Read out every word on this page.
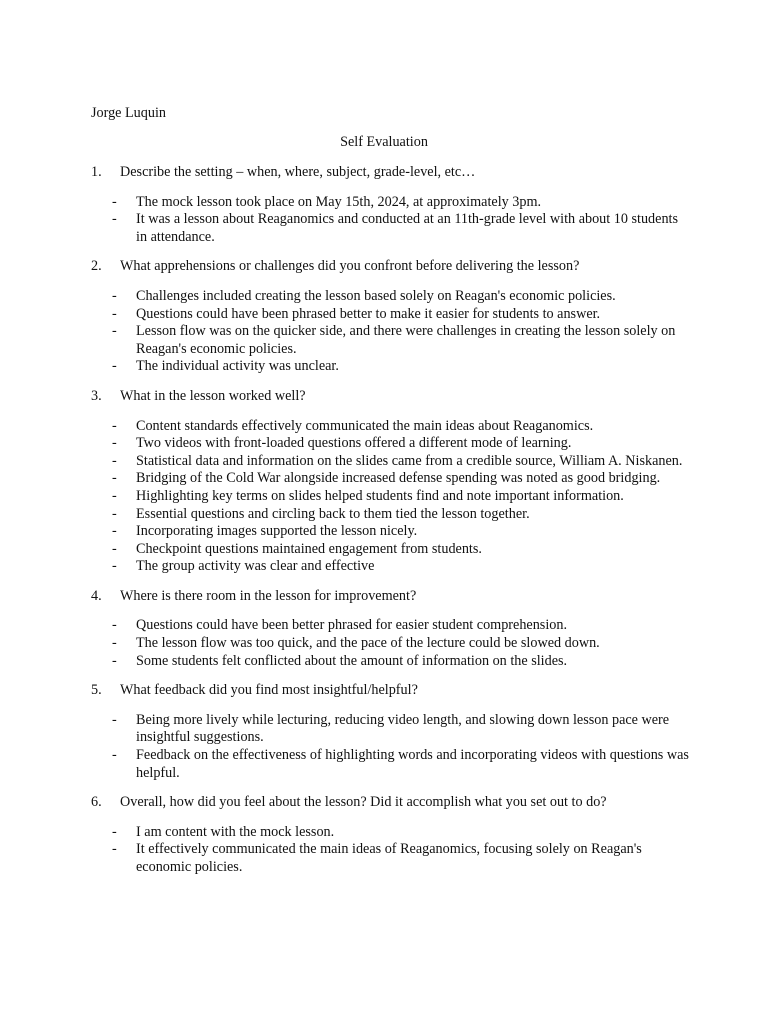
Jorge Luquin
Self Evaluation
1.	Describe the setting – when, where, subject, grade-level, etc…
-	The mock lesson took place on May 15th, 2024, at approximately 3pm.
-	It was a lesson about Reaganomics and conducted at an 11th-grade level with about 10 students in attendance.
2.	What apprehensions or challenges did you confront before delivering the lesson?
-	Challenges included creating the lesson based solely on Reagan's economic policies.
-	Questions could have been phrased better to make it easier for students to answer.
-	Lesson flow was on the quicker side, and there were challenges in creating the lesson solely on Reagan's economic policies.
-	The individual activity was unclear.
3.	What in the lesson worked well?
-	Content standards effectively communicated the main ideas about Reaganomics.
-	Two videos with front-loaded questions offered a different mode of learning.
-	Statistical data and information on the slides came from a credible source, William A. Niskanen.
-	Bridging of the Cold War alongside increased defense spending was noted as good bridging.
-	Highlighting key terms on slides helped students find and note important information.
-	Essential questions and circling back to them tied the lesson together.
-	Incorporating images supported the lesson nicely.
-	Checkpoint questions maintained engagement from students.
-	The group activity was clear and effective
4.	Where is there room in the lesson for improvement?
-	Questions could have been better phrased for easier student comprehension.
-	The lesson flow was too quick, and the pace of the lecture could be slowed down.
-	Some students felt conflicted about the amount of information on the slides.
5.	What feedback did you find most insightful/helpful?
-	Being more lively while lecturing, reducing video length, and slowing down lesson pace were insightful suggestions.
-	Feedback on the effectiveness of highlighting words and incorporating videos with questions was helpful.
6.	Overall, how did you feel about the lesson? Did it accomplish what you set out to do?
-	I am content with the mock lesson.
-	It effectively communicated the main ideas of Reaganomics, focusing solely on Reagan's economic policies.
